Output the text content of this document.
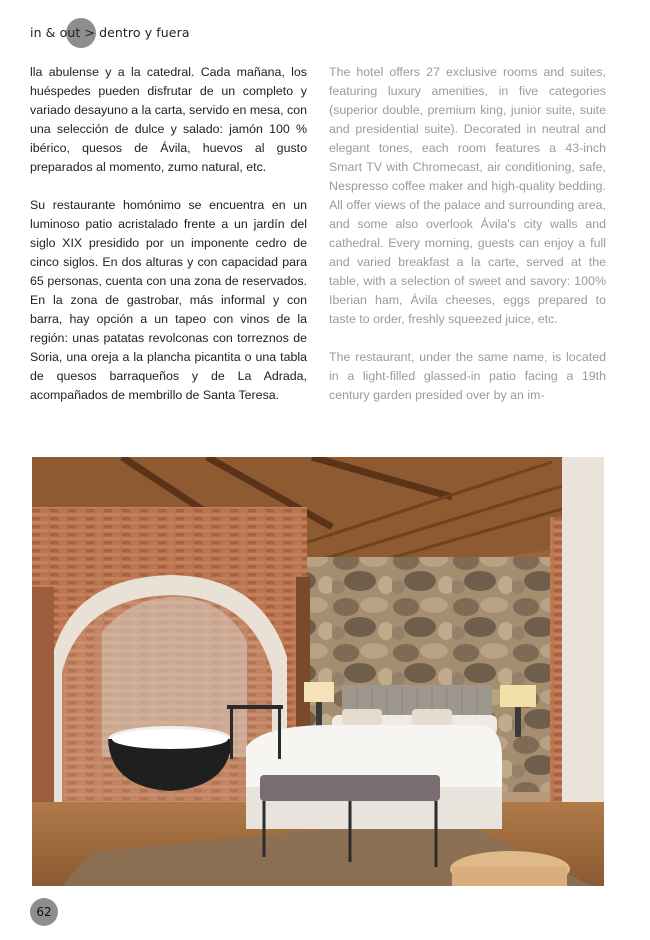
in & out > dentro y fuera

lla abulense y a la catedral. Cada mañana, los huéspedes pueden disfrutar de un completo y variado desayuno a la carta, servido en mesa, con una selección de dulce y salado: jamón 100 % ibérico, quesos de Ávila, huevos al gusto preparados al momento, zumo natural, etc.

Su restaurante homónimo se encuentra en un luminoso patio acristalado frente a un jardín del siglo XIX presidido por un imponente cedro de cinco siglos. En dos alturas y con capacidad para 65 personas, cuenta con una zona de reservados. En la zona de gastrobar, más informal y con barra, hay opción a un tapeo con vinos de la región: unas patatas revolconas con torreznos de Soria, una oreja a la plancha picantita o una tabla de quesos barraqueños y de La Adrada, acompañados de membrillo de Santa Teresa.

The hotel offers 27 exclusive rooms and suites, featuring luxury amenities, in five categories (superior double, premium king, junior suite, suite and presidential suite). Decorated in neutral and elegant tones, each room features a 43-inch Smart TV with Chromecast, air conditioning, safe, Nespresso coffee maker and high-quality bedding. All offer views of the palace and surrounding area, and some also overlook Ávila's city walls and cathedral. Every morning, guests can enjoy a full and varied breakfast a la carte, served at the table, with a selection of sweet and savory: 100% Iberian ham, Ávila cheeses, eggs prepared to taste to order, freshly squeezed juice, etc.

The restaurant, under the same name, is located in a light-filled glassed-in patio facing a 19th century garden presided over by an im-

62
